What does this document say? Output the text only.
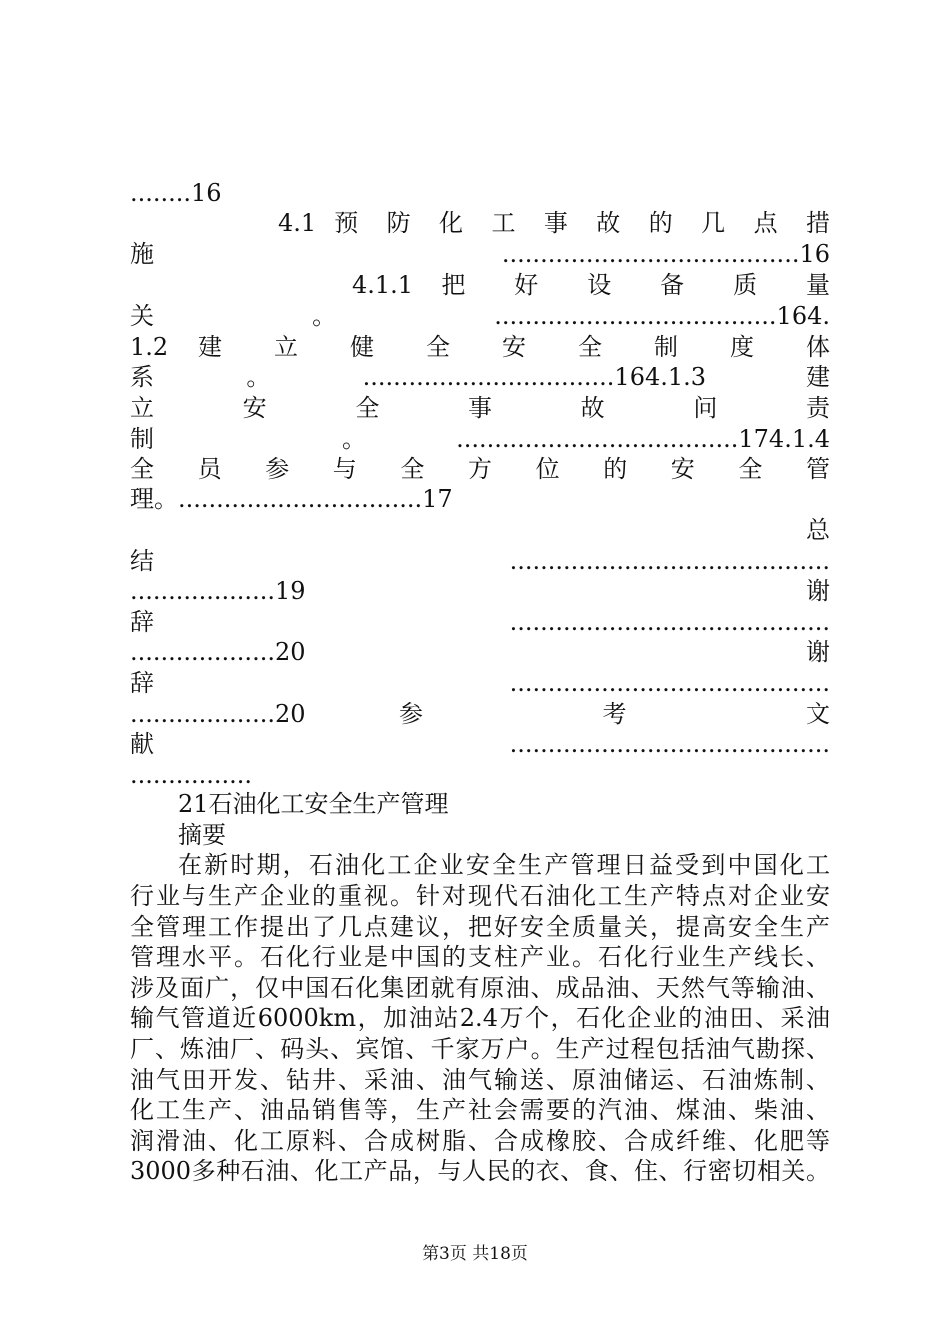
........16
4.1 预 防 化 工 事 故 的 几 点 措
施.......................................16
4.1.1 把 好 设 备 质 量
关。.....................................164.
1.2 建 立 健 全 安 全 制 度 体
系。.................................164.1.3 建
立 安 全 事 故 问 责
制 。.....................................174.1.4
全 员 参 与 全 方 位 的 安 全 管
理。................................17
总
结..........................................
...................19 谢
辞..........................................
...................20 谢
辞..........................................
...................20 参 考 文
献..........................................
................
21石油化工安全生产管理
摘要
在新时期，石油化工企业安全生产管理日益受到中国化工
行业与生产企业的重视。针对现代石油化工生产特点对企业安
全管理工作提出了几点建议，把好安全质量关，提高安全生产
管理水平。石化行业是中国的支柱产业。石化行业生产线长、
涉及面广，仅中国石化集团就有原油、成品油、天然气等输油、
输气管道近6000km，加油站2.4万个，石化企业的油田、采油
厂、炼油厂、码头、宾馆、千家万户。生产过程包括油气勘探、
油气田开发、钻井、采油、油气输送、原油储运、石油炼制、
化工生产、油品销售等，生产社会需要的汽油、煤油、柴油、
润滑油、化工原料、合成树脂、合成橡胶、合成纤维、化肥等
3000多种石油、化工产品，与人民的衣、食、住、行密切相关。
第3页 共18页
